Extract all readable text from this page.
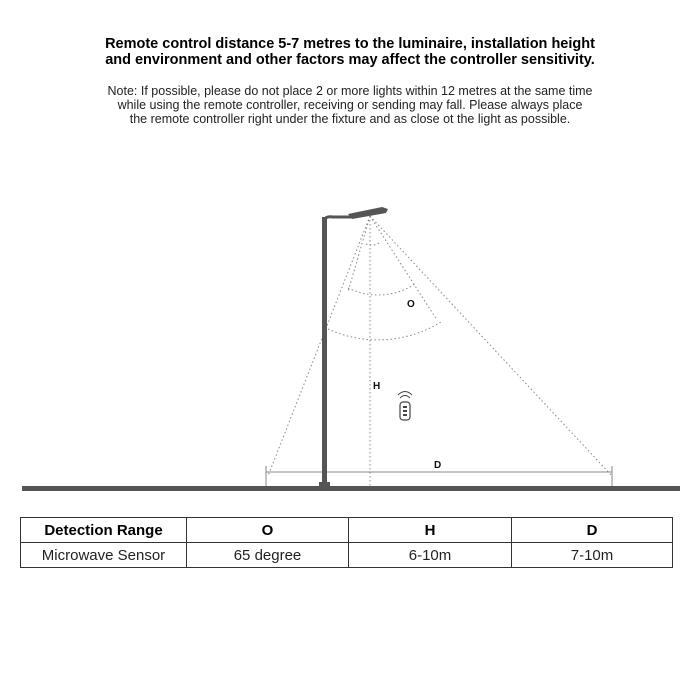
Remote control distance 5-7 metres to the luminaire, installation height
and environment and other factors may affect the controller sensitivity.
Note: If possible, please do not place 2 or more lights within 12 metres at the same time
while using the remote controller, receiving or sending may fall. Please always place
the remote controller right under the fixture and as close ot the light as possible.
O
H
D
Detection Range	O	H	D
Microwave Sensor	65 degree	6-10m	7-10m
